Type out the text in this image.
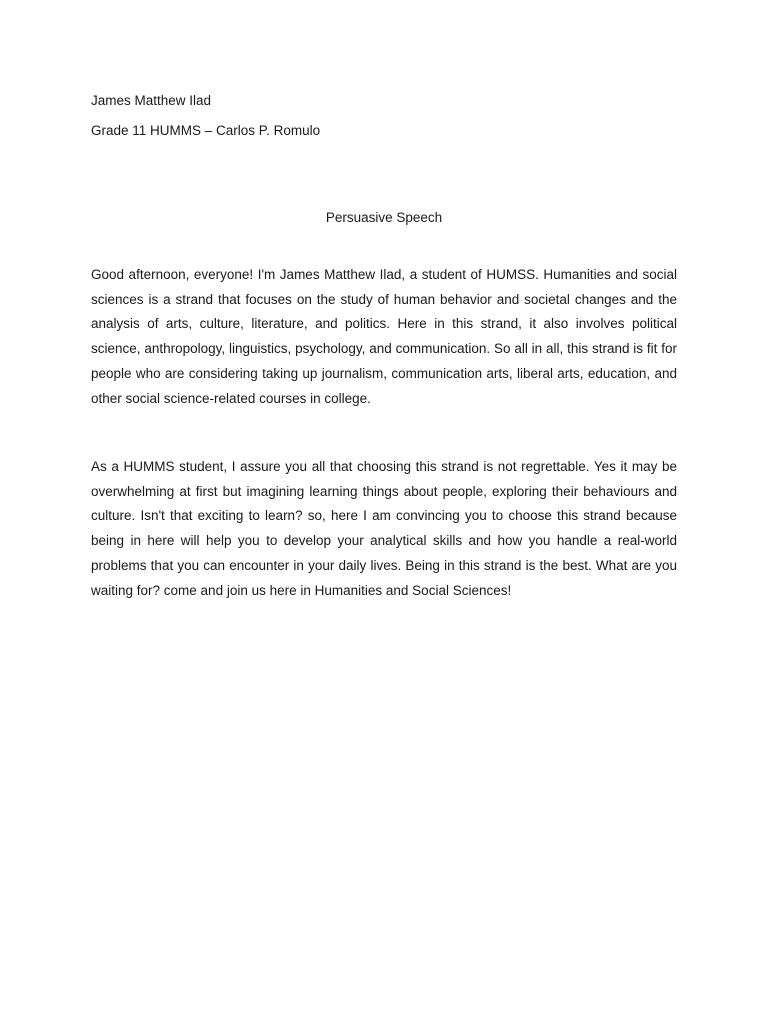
James Matthew Ilad

Grade 11 HUMMS – Carlos P. Romulo

Persuasive Speech

Good afternoon, everyone! I'm James Matthew Ilad, a student of HUMSS. Humanities and social sciences is a strand that focuses on the study of human behavior and societal changes and the analysis of arts, culture, literature, and politics. Here in this strand, it also involves political science, anthropology, linguistics, psychology, and communication. So all in all, this strand is fit for people who are considering taking up journalism, communication arts, liberal arts, education, and other social science-related courses in college.

As a HUMMS student, I assure you all that choosing this strand is not regrettable. Yes it may be overwhelming at first but imagining learning things about people, exploring their behaviours and culture. Isn't that exciting to learn? so, here I am convincing you to choose this strand because being in here will help you to develop your analytical skills and how you handle a real-world problems that you can encounter in your daily lives. Being in this strand is the best. What are you waiting for? come and join us here in Humanities and Social Sciences!
